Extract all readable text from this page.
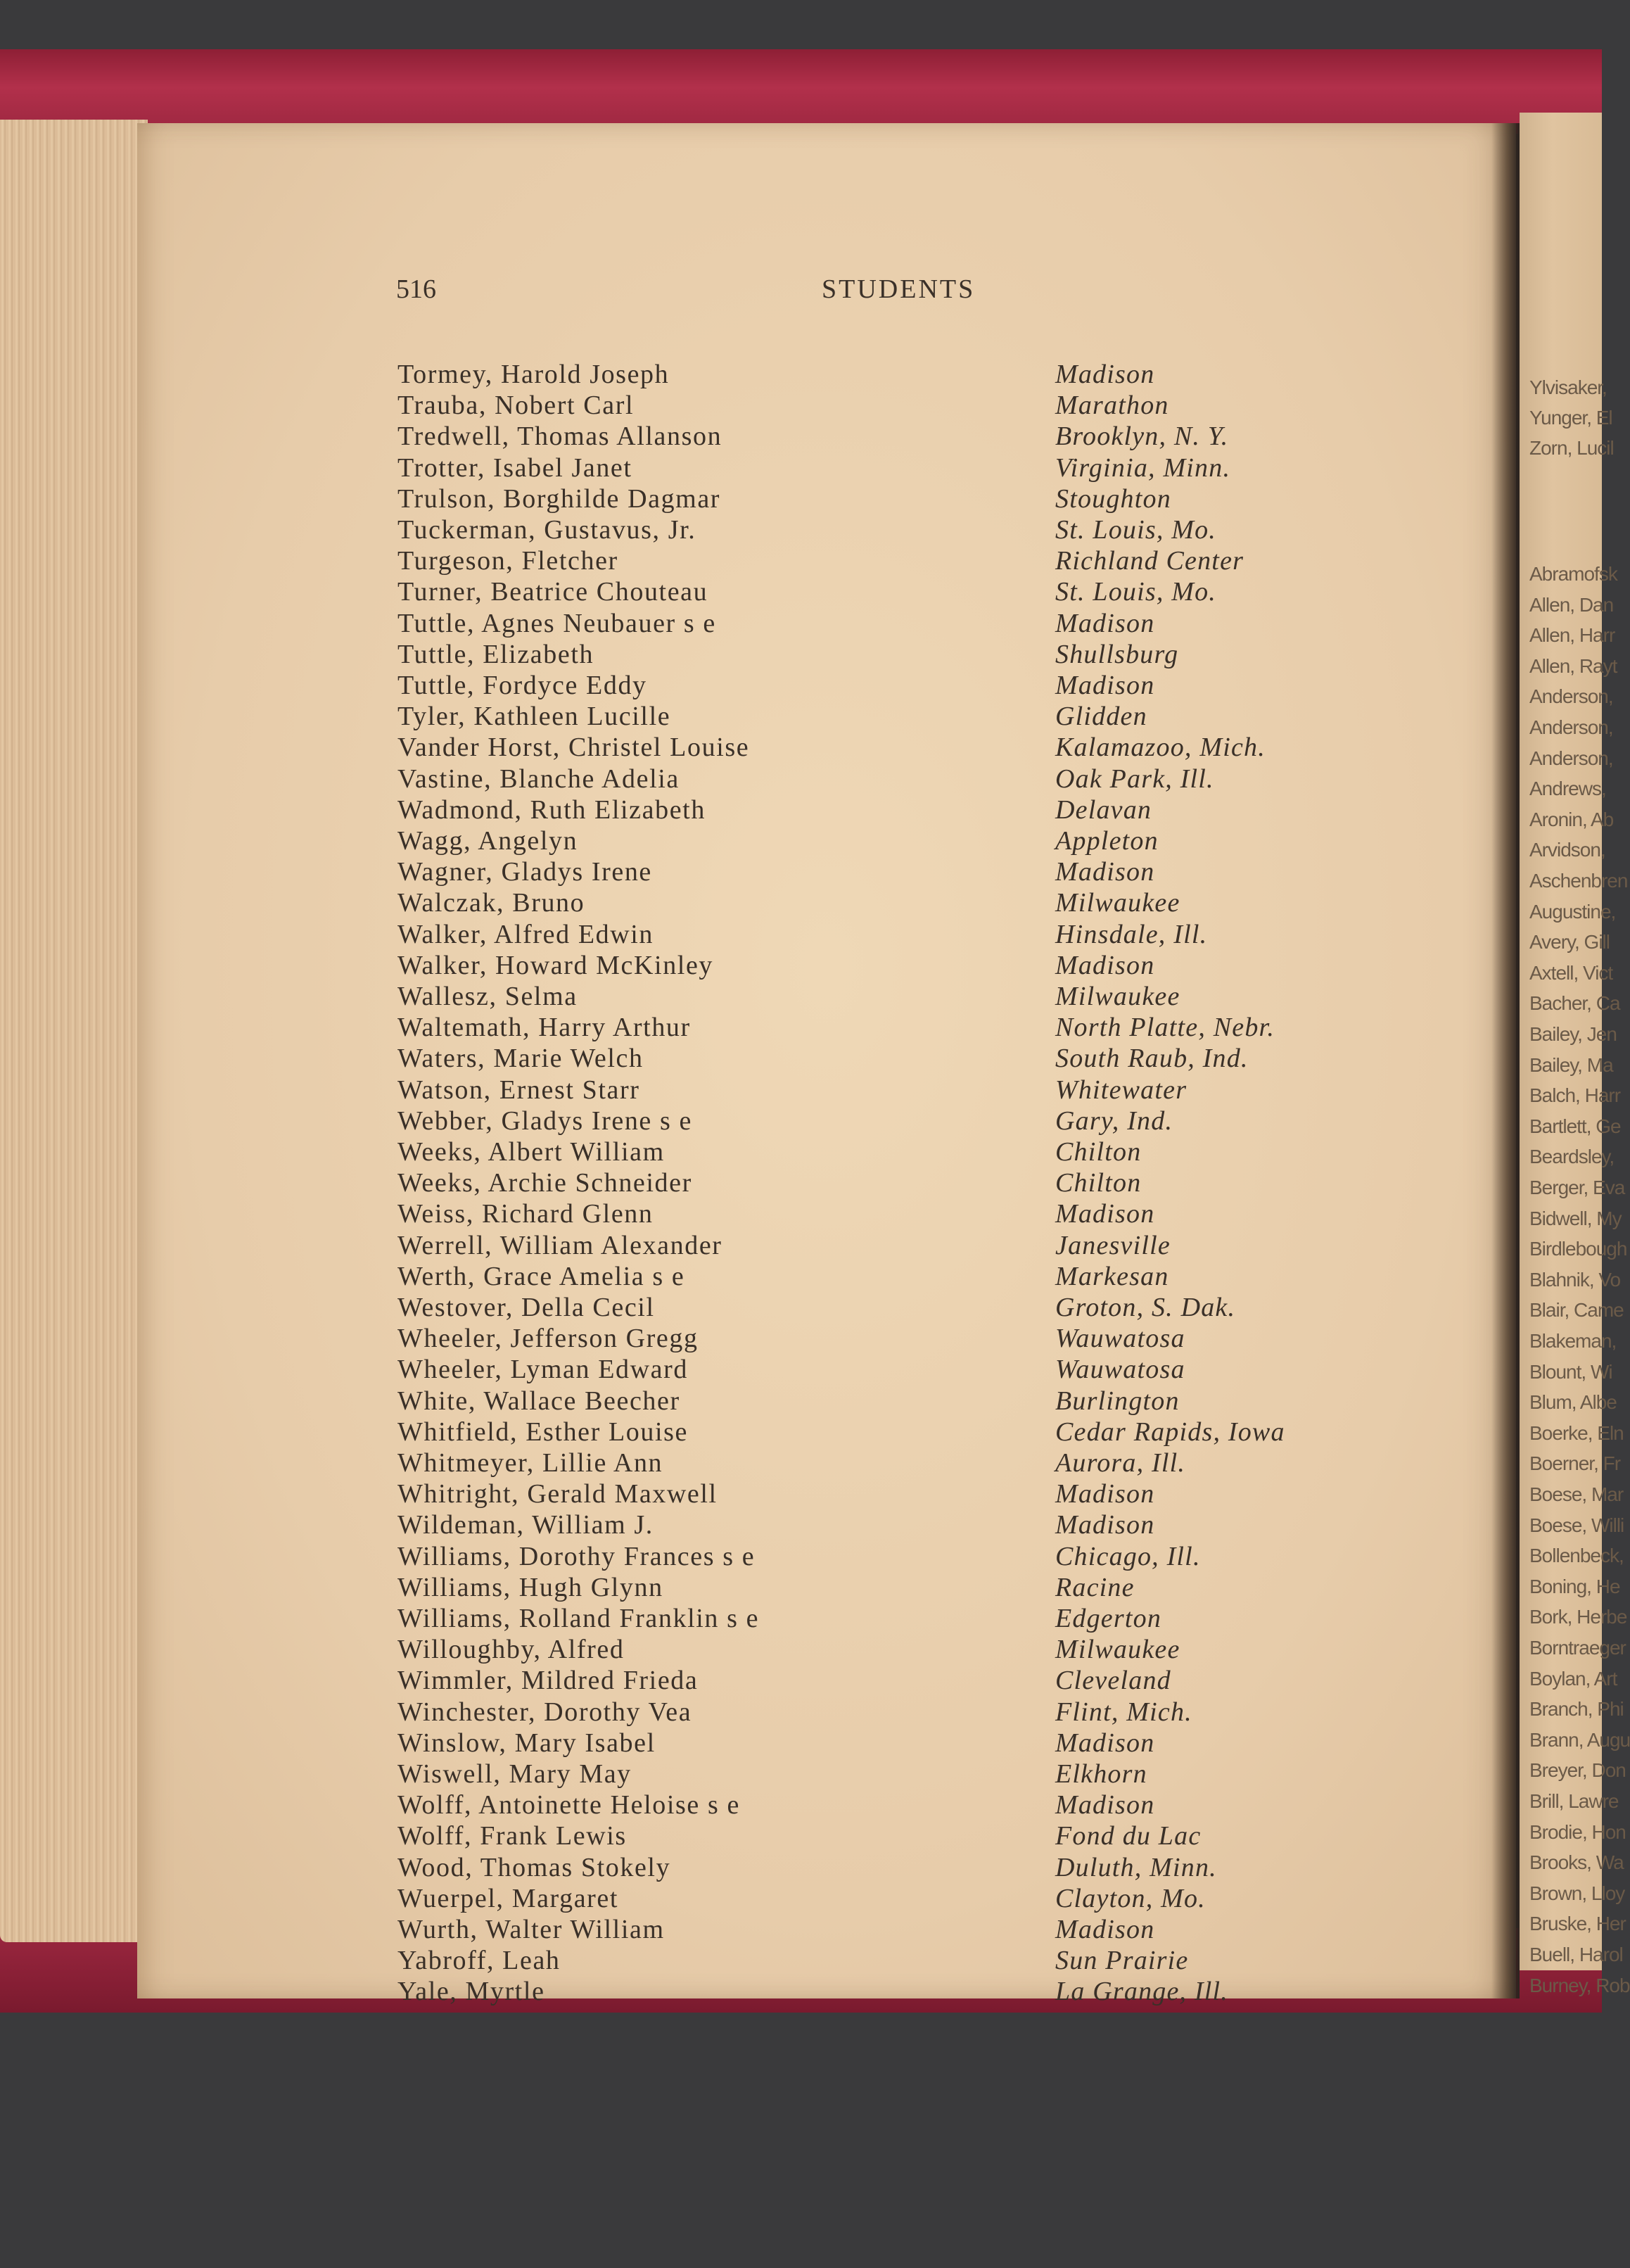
Ylvisaker,
Yunger, El
Zorn, Lucil
Abramofsk
Allen, Dan
Allen, Harr
Allen, Rayt
Anderson,
Anderson,
Anderson,
Andrews,
Aronin, Ab
Arvidson,
Aschenbren
Augustine,
Avery, Gill
Axtell, Vict
Bacher, Ca
Bailey, Jen
Bailey, Ma
Balch, Harr
Bartlett, Ge
Beardsley,
Berger, Eva
Bidwell, My
Birdlebough
Blahnik, Vo
Blair, Came
Blakeman,
Blount, Wi
Blum, Albe
Boerke, Eln
Boerner, Fr
Boese, Mar
Boese, Willi
Bollenbeck,
Boning, He
Bork, Herbe
Borntraeger
Boylan, Art
Branch, Phi
Brann, Augu
Breyer, Don
Brill, Lawre
Brodie, Hon
Brooks, Wa
Brown, Lloy
Bruske, Her
Buell, Harol
Burney, Rob
516	STUDENTS
Tormey, Harold Joseph	Madison
Trauba, Nobert Carl	Marathon
Tredwell, Thomas Allanson	Brooklyn, N. Y.
Trotter, Isabel Janet	Virginia, Minn.
Trulson, Borghilde Dagmar	Stoughton
Tuckerman, Gustavus, Jr.	St. Louis, Mo.
Turgeson, Fletcher	Richland Center
Turner, Beatrice Chouteau	St. Louis, Mo.
Tuttle, Agnes Neubauer s e	Madison
Tuttle, Elizabeth	Shullsburg
Tuttle, Fordyce Eddy	Madison
Tyler, Kathleen Lucille	Glidden
Vander Horst, Christel Louise	Kalamazoo, Mich.
Vastine, Blanche Adelia	Oak Park, Ill.
Wadmond, Ruth Elizabeth	Delavan
Wagg, Angelyn	Appleton
Wagner, Gladys Irene	Madison
Walczak, Bruno	Milwaukee
Walker, Alfred Edwin	Hinsdale, Ill.
Walker, Howard McKinley	Madison
Wallesz, Selma	Milwaukee
Waltemath, Harry Arthur	North Platte, Nebr.
Waters, Marie Welch	South Raub, Ind.
Watson, Ernest Starr	Whitewater
Webber, Gladys Irene s e	Gary, Ind.
Weeks, Albert William	Chilton
Weeks, Archie Schneider	Chilton
Weiss, Richard Glenn	Madison
Werrell, William Alexander	Janesville
Werth, Grace Amelia s e	Markesan
Westover, Della Cecil	Groton, S. Dak.
Wheeler, Jefferson Gregg	Wauwatosa
Wheeler, Lyman Edward	Wauwatosa
White, Wallace Beecher	Burlington
Whitfield, Esther Louise	Cedar Rapids, Iowa
Whitmeyer, Lillie Ann	Aurora, Ill.
Whitright, Gerald Maxwell	Madison
Wildeman, William J.	Madison
Williams, Dorothy Frances s e	Chicago, Ill.
Williams, Hugh Glynn	Racine
Williams, Rolland Franklin s e	Edgerton
Willoughby, Alfred	Milwaukee
Wimmler, Mildred Frieda	Cleveland
Winchester, Dorothy Vea	Flint, Mich.
Winslow, Mary Isabel	Madison
Wiswell, Mary May	Elkhorn
Wolff, Antoinette Heloise s e	Madison
Wolff, Frank Lewis	Fond du Lac
Wood, Thomas Stokely	Duluth, Minn.
Wuerpel, Margaret	Clayton, Mo.
Wurth, Walter William	Madison
Yabroff, Leah	Sun Prairie
Yale, Myrtle	La Grange, Ill.
